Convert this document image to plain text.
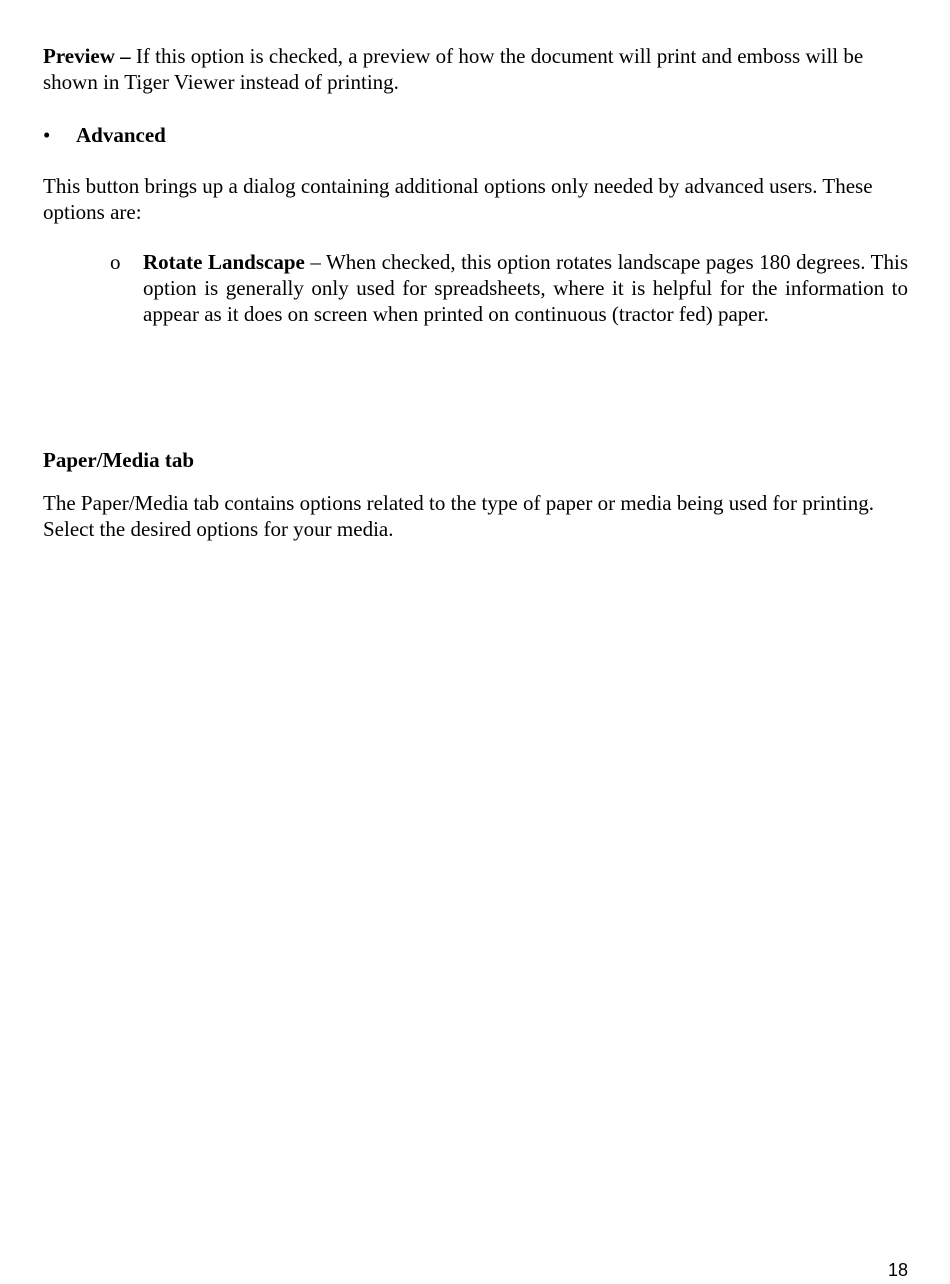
Preview – If this option is checked, a preview of how the document will print and emboss will be shown in Tiger Viewer instead of printing.

•	Advanced

This button brings up a dialog containing additional options only needed by advanced users. These options are:

o	Rotate Landscape – When checked, this option rotates landscape pages 180 degrees. This option is generally only used for spreadsheets, where it is helpful for the information to appear as it does on screen when printed on continuous (tractor fed) paper.

Paper/Media tab

The Paper/Media tab contains options related to the type of paper or media being used for printing. Select the desired options for your media.

18
